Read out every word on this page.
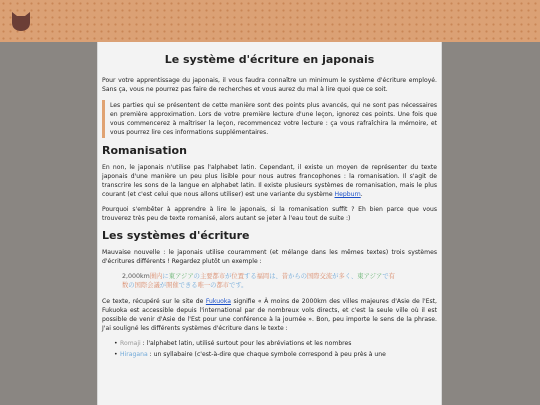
Le système d'écriture en japonais

Pour votre apprentissage du japonais, il vous faudra connaître un minimum le système d'écriture employé. Sans ça, vous ne pourrez pas faire de recherches et vous aurez du mal à lire quoi que ce soit.

Les parties qui se présentent de cette manière sont des points plus avancés, qui ne sont pas nécessaires en première approximation. Lors de votre première lecture d'une leçon, ignorez ces points. Une fois que vous commencerez à maîtriser la leçon, recommencez votre lecture : ça vous rafraîchira la mémoire, et vous pourrez lire ces informations supplémentaires.

Romanisation

En non, le japonais n'utilise pas l'alphabet latin. Cependant, il existe un moyen de représenter du texte japonais d'une manière un peu plus lisible pour nous autres francophones : la romanisation. Il s'agit de transcrire les sons de la langue en alphabet latin. Il existe plusieurs systèmes de romanisation, mais le plus courant (et c'est celui que nous allons utiliser) est une variante du système Hepburn.

Pourquoi s'embêter à apprendre à lire le japonais, si la romanisation suffit ? Eh bien parce que vous trouverez très peu de texte romanisé, alors autant se jeter à l'eau tout de suite :)

Les systèmes d'écriture

Mauvaise nouvelle : le japonais utilise couramment (et mélange dans les mêmes textes) trois systèmes d'écritures différents ! Regardez plutôt un exemple :

2,000km圏内に東アジアの主要都市が位置する福岡は、昔からの国際交流が多く、東アジアで有
数の国際会議が開催できる唯一の都市です。

Ce texte, récupéré sur le site de Fukuoka signifie « À moins de 2000km des villes majeures d'Asie de l'Est, Fukuoka est accessible depuis l'international par de nombreux vols directs, et c'est la seule ville où il est possible de venir d'Asie de l'Est pour une conférence à la journée ». Bon, peu importe le sens de la phrase. J'ai souligné les différents systèmes d'écriture dans le texte :

• Romaji : l'alphabet latin, utilisé surtout pour les abréviations et les nombres
• Hiragana : un syllabaire (c'est-à-dire que chaque symbole correspond à peu près à une
